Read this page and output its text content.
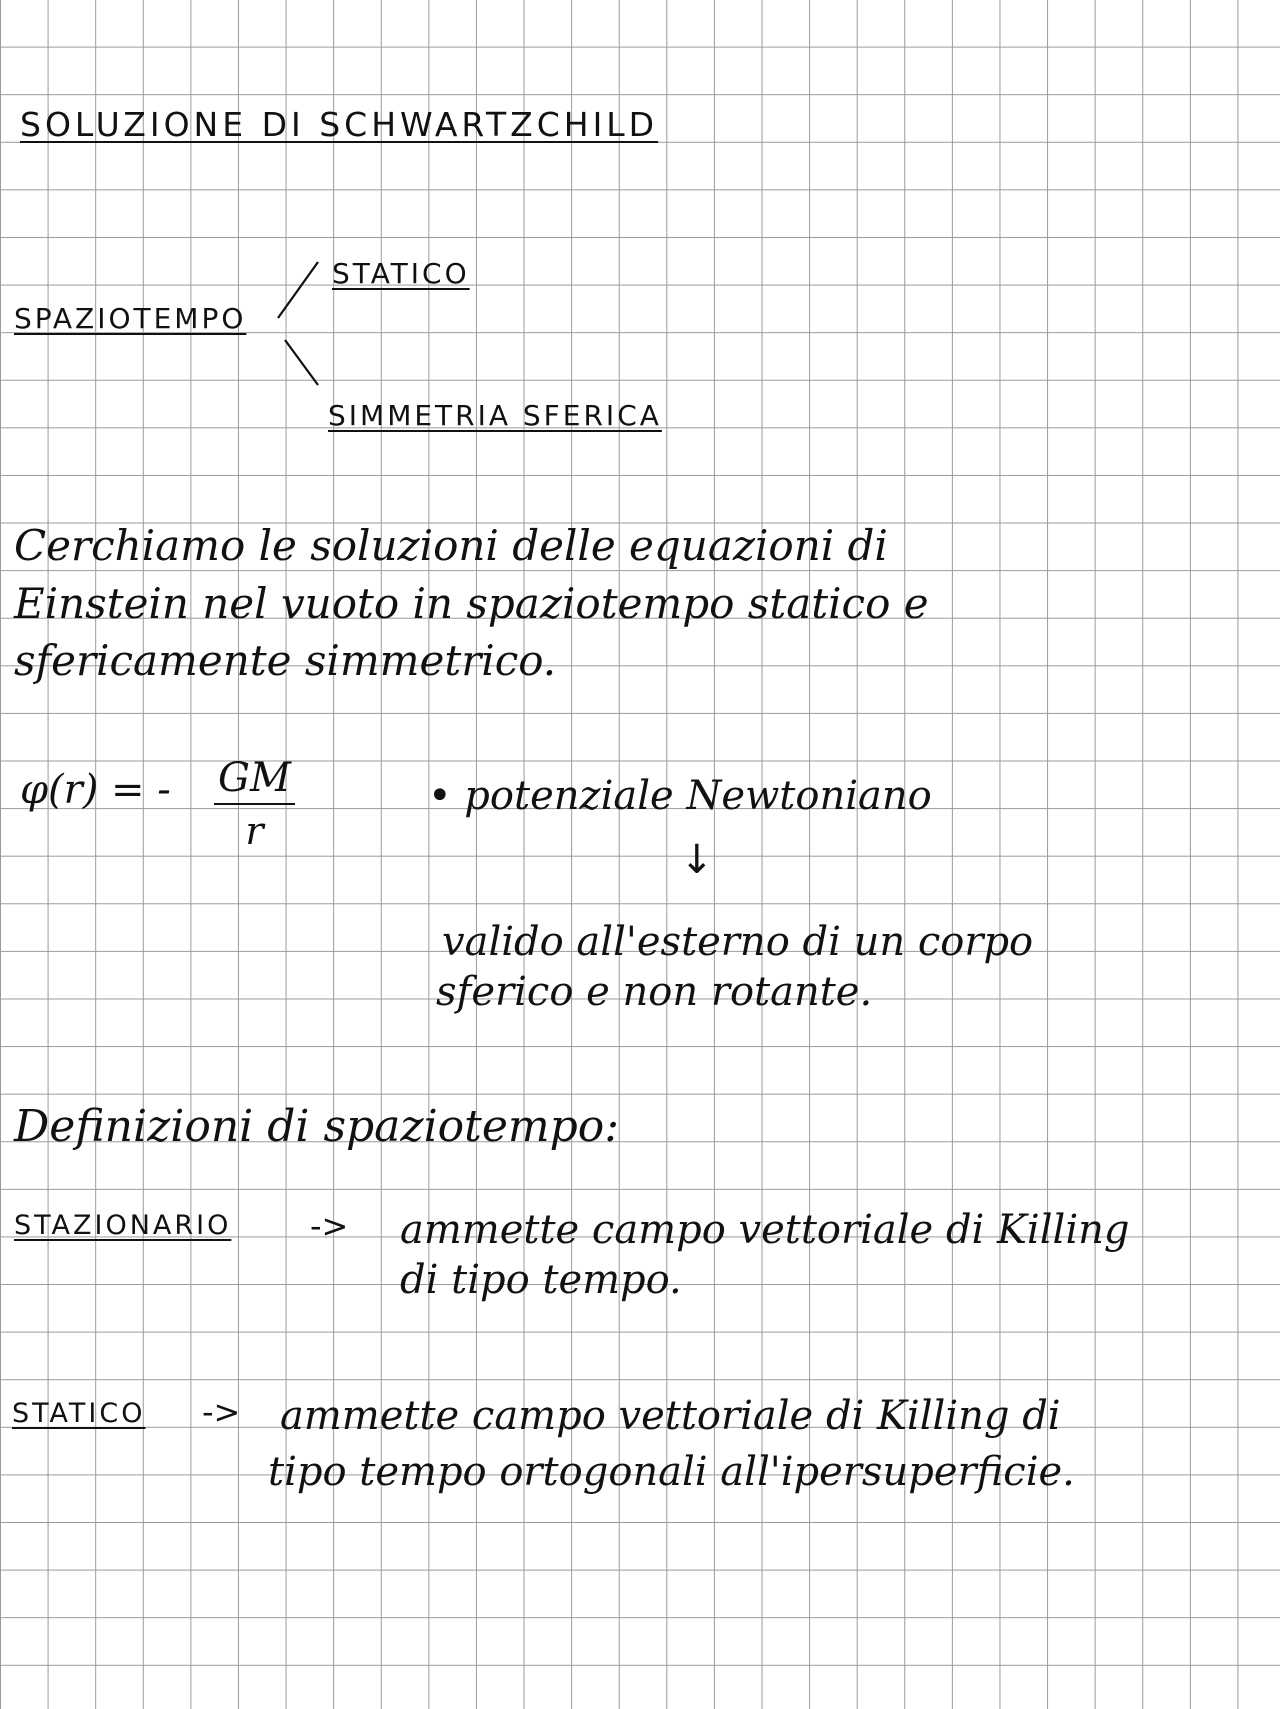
SOLUZIONE DI SCHWARTZCHILD
SPAZIOTEMPO
STATICO
SIMMETRIA SFERICA
Cerchiamo le soluzioni delle equazioni di
Einstein nel vuoto in spaziotempo statico e
sfericamente simmetrico.
φ(r) = - $\frac{GM}{r}$	• potenziale Newtoniano
↓
valido all'esterno di un corpo
sferico e non rotante.
Definizioni di spaziotempo:
STAZIONARIO -> ammette campo vettoriale di Killing
di tipo tempo.
STATICO -> ammette campo vettoriale di Killing di
tipo tempo ortogonali all'ipersuperficie.
